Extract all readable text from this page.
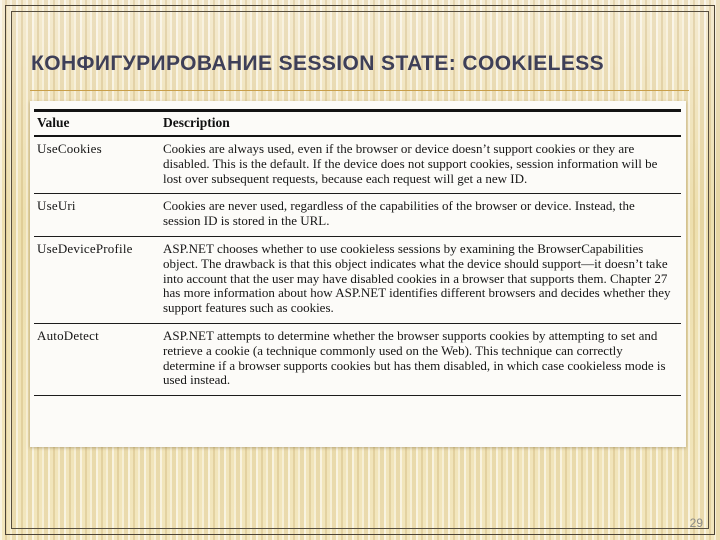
КОНФИГУРИРОВАНИЕ SESSION STATE: COOKIELESS
Value	Description
UseCookies	Cookies are always used, even if the browser or device doesn’t support cookies or they are disabled. This is the default. If the device does not support cookies, session information will be lost over subsequent requests, because each request will get a new ID.
UseUri	Cookies are never used, regardless of the capabilities of the browser or device. Instead, the session ID is stored in the URL.
UseDeviceProfile	ASP.NET chooses whether to use cookieless sessions by examining the BrowserCapabilities object. The drawback is that this object indicates what the device should support—it doesn’t take into account that the user may have disabled cookies in a browser that supports them. Chapter 27 has more information about how ASP.NET identifies different browsers and decides whether they support features such as cookies.
AutoDetect	ASP.NET attempts to determine whether the browser supports cookies by attempting to set and retrieve a cookie (a technique commonly used on the Web). This technique can correctly determine if a browser supports cookies but has them disabled, in which case cookieless mode is used instead.
29
